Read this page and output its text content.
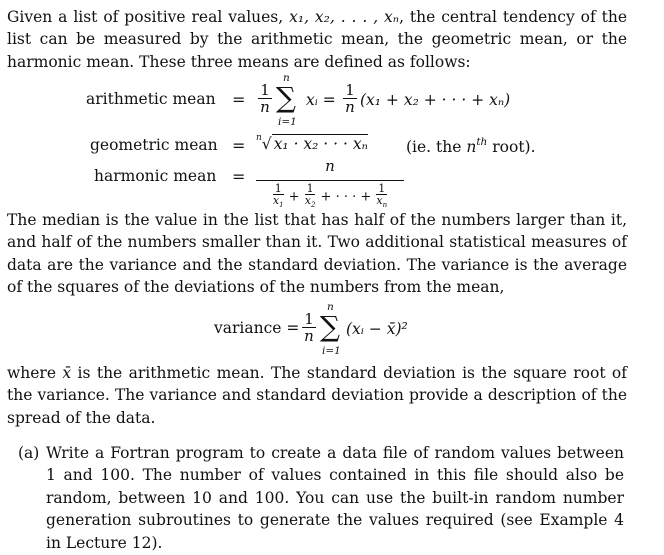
Given a list of positive real values, x₁, x₂, . . . , xₙ, the central tendency of the list can be measured by the arithmetic mean, the geometric mean, or the harmonic mean. These three means are defined as follows:

arithmetic mean = $\frac{1}{n}$
n
∑
i=1
xᵢ = $\frac{1}{n} (x_1 + x_2$ + · · · + xₙ)
geometric mean = $^n$√ x₁ · x₂ · · · xₙ (ie. the $n^{th}$ root).
harmonic mean = $\frac{n}{\frac{1}{x_1} + \frac{1}{x_2} + \cdot \cdot \cdot + \frac{1}{x_n}}$

The median is the value in the list that has half of the numbers larger than it, and half of the numbers smaller than it. Two additional statistical measures of data are the variance and the standard deviation. The variance is the average of the squares of the deviations of the numbers from the mean,

variance = $\frac{1}{n}$
n
∑
i=1
(xᵢ − x̄)²

where x̄ is the arithmetic mean. The standard deviation is the square root of the variance. The variance and standard deviation provide a description of the spread of the data.

(a) Write a Fortran program to create a data file of random values between 1 and 100. The number of values contained in this file should also be random, between 10 and 100. You can use the built-in random number generation subroutines to generate the values required (see Example 4 in Lecture 12).
